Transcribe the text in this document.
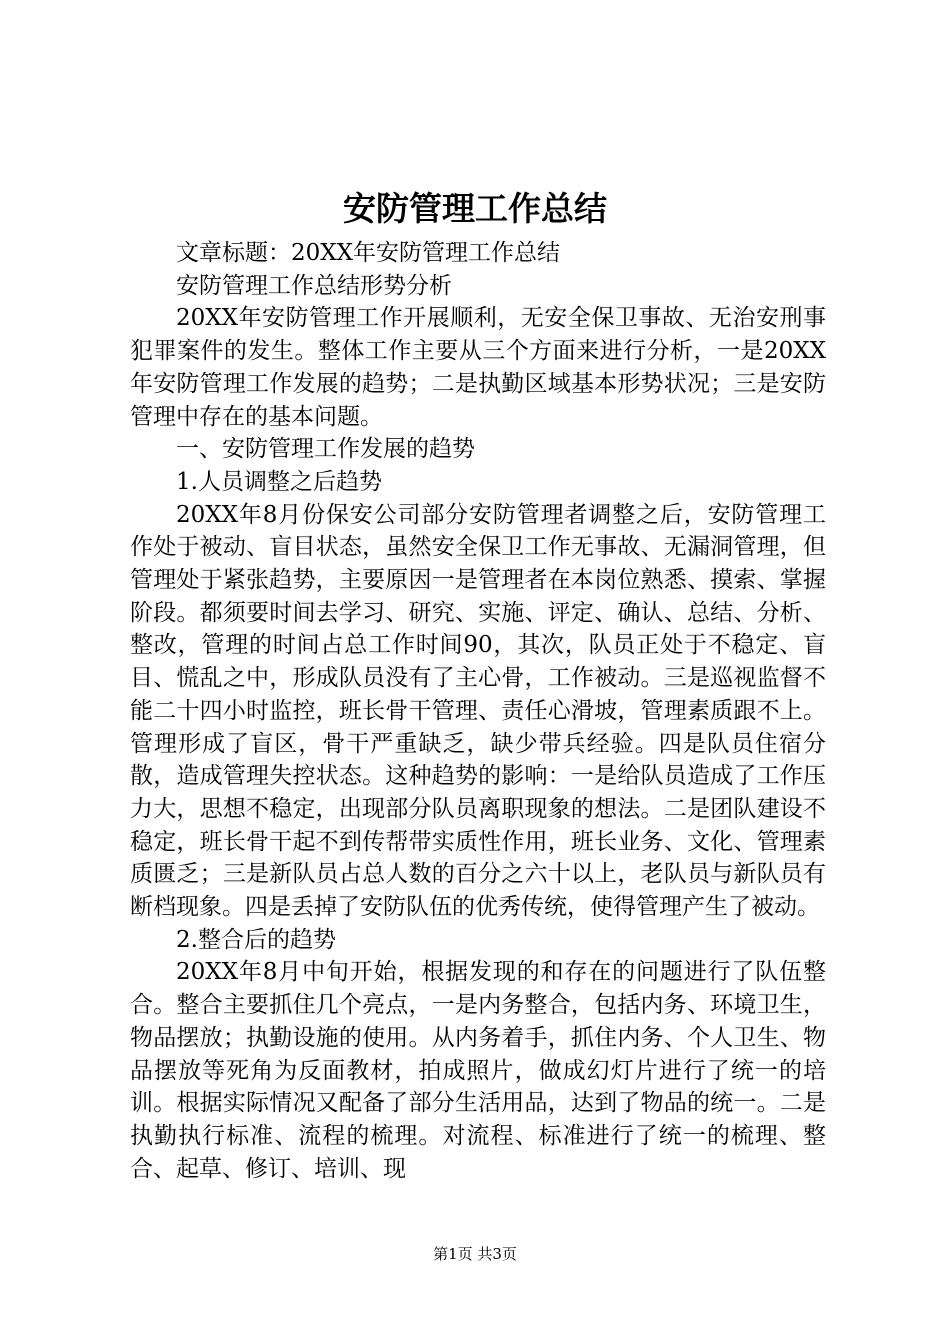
安防管理工作总结

文章标题：20XX年安防管理工作总结

安防管理工作总结形势分析

20XX年安防管理工作开展顺利，无安全保卫事故、无治安刑事犯罪案件的发生。整体工作主要从三个方面来进行分析，一是20XX年安防管理工作发展的趋势；二是执勤区域基本形势状况；三是安防管理中存在的基本问题。

一、安防管理工作发展的趋势

1.人员调整之后趋势

20XX年8月份保安公司部分安防管理者调整之后，安防管理工作处于被动、盲目状态，虽然安全保卫工作无事故、无漏洞管理，但管理处于紧张趋势，主要原因一是管理者在本岗位熟悉、摸索、掌握阶段。都须要时间去学习、研究、实施、评定、确认、总结、分析、整改，管理的时间占总工作时间90，其次，队员正处于不稳定、盲目、慌乱之中，形成队员没有了主心骨，工作被动。三是巡视监督不能二十四小时监控，班长骨干管理、责任心滑坡，管理素质跟不上。管理形成了盲区，骨干严重缺乏，缺少带兵经验。四是队员住宿分散，造成管理失控状态。这种趋势的影响：一是给队员造成了工作压力大，思想不稳定，出现部分队员离职现象的想法。二是团队建设不稳定，班长骨干起不到传帮带实质性作用，班长业务、文化、管理素质匮乏；三是新队员占总人数的百分之六十以上，老队员与新队员有断档现象。四是丢掉了安防队伍的优秀传统，使得管理产生了被动。

2.整合后的趋势

20XX年8月中旬开始，根据发现的和存在的问题进行了队伍整合。整合主要抓住几个亮点，一是内务整合，包括内务、环境卫生，物品摆放；执勤设施的使用。从内务着手，抓住内务、个人卫生、物品摆放等死角为反面教材，拍成照片，做成幻灯片进行了统一的培训。根据实际情况又配备了部分生活用品，达到了物品的统一。二是执勤执行标准、流程的梳理。对流程、标准进行了统一的梳理、整合、起草、修订、培训、现

第1页 共3页
